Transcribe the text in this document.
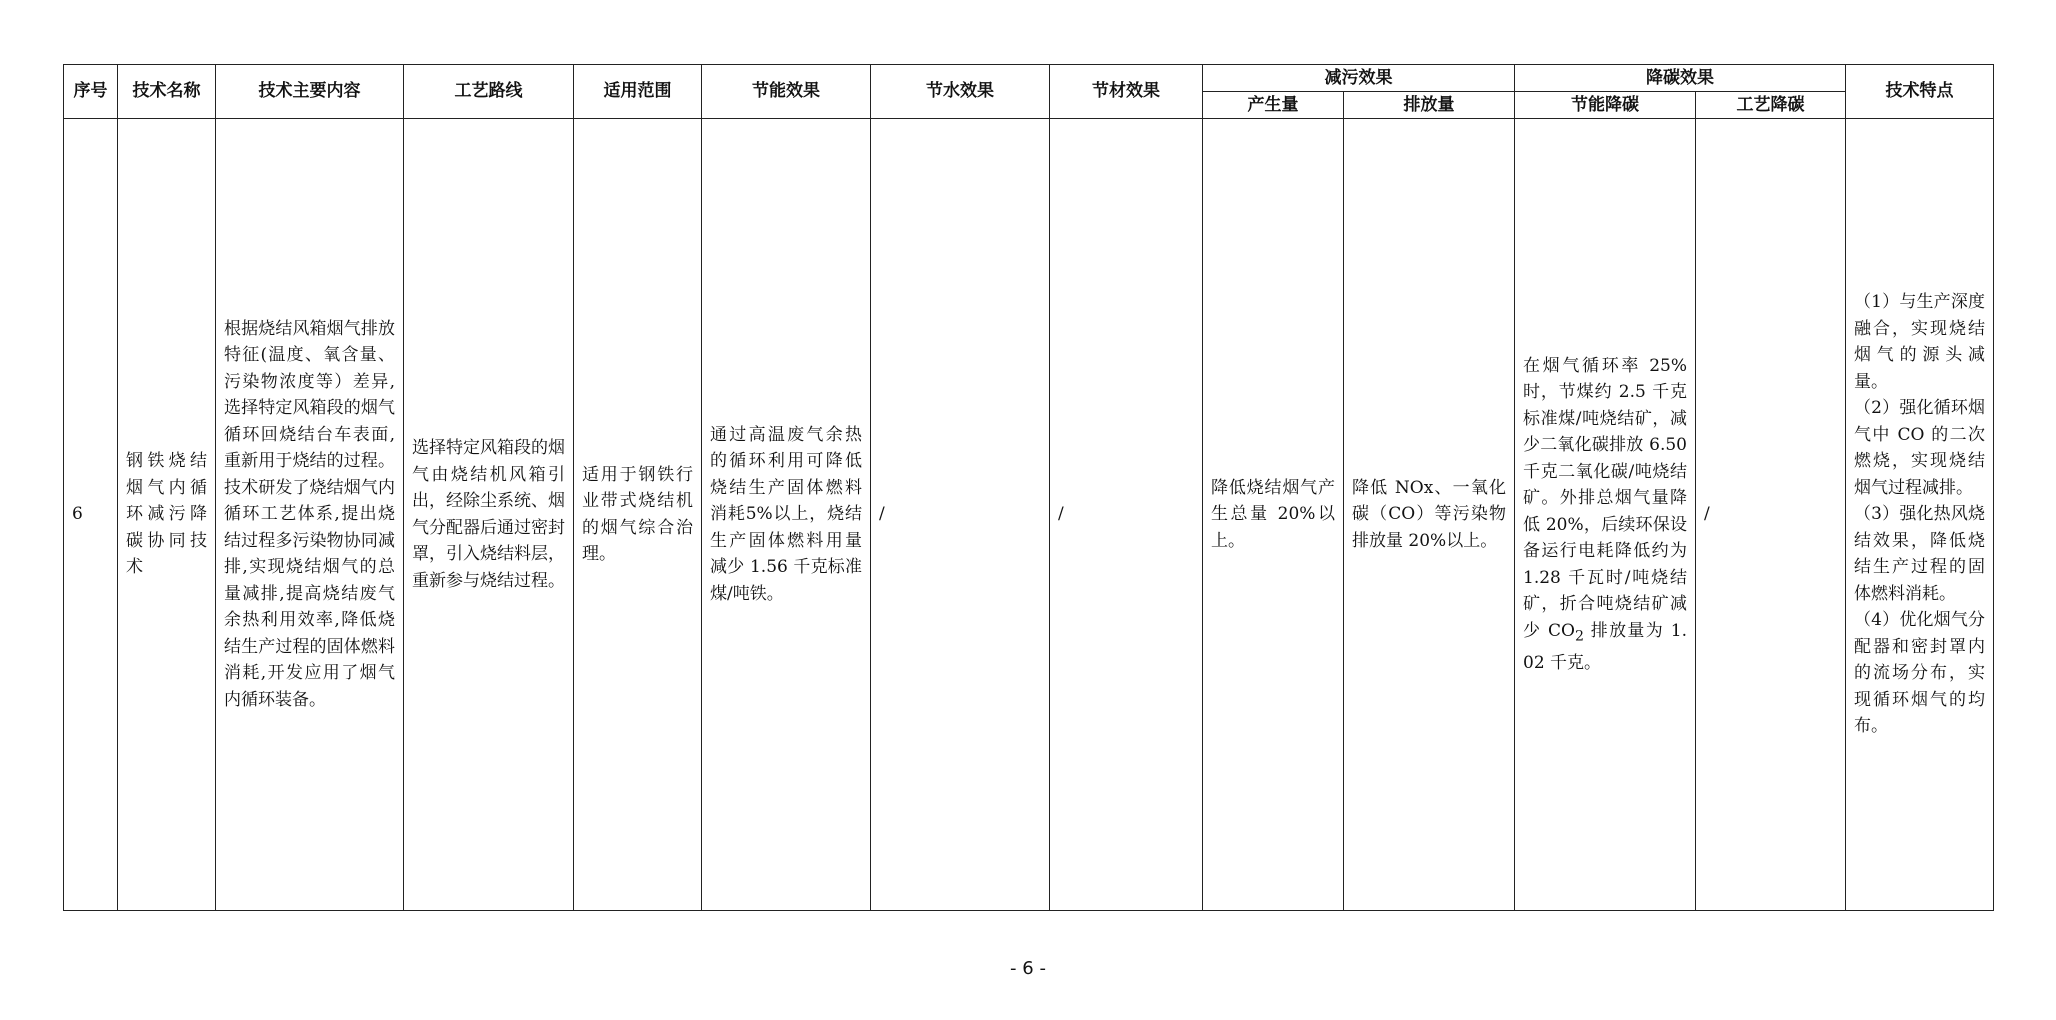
序号	技术名称	技术主要内容	工艺路线	适用范围	节能效果	节水效果	节材效果	减污效果		降碳效果		技术特点
								产生量	排放量	节能降碳	工艺降碳	

6	钢铁烧结烟气内循环减污降碳协同技术	根据烧结风箱烟气排放特征(温度、氧含量、污染物浓度等）差异,选择特定风箱段的烟气循环回烧结台车表面,重新用于烧结的过程。技术研发了烧结烟气内循环工艺体系,提出烧结过程多污染物协同减排,实现烧结烟气的总量减排,提高烧结废气余热利用效率,降低烧结生产过程的固体燃料消耗,开发应用了烟气内循环装备。	选择特定风箱段的烟气由烧结机风箱引出，经除尘系统、烟气分配器后通过密封罩，引入烧结料层，重新参与烧结过程。	适用于钢铁行业带式烧结机的烟气综合治理。	通过高温废气余热的循环利用可降低烧结生产固体燃料消耗5%以上，烧结生产固体燃料用量减少 1.56 千克标准煤/吨铁。	/	/	降低烧结烟气产生总量 20%以上。	降低 NOx、一氧化碳（CO）等污染物排放量 20%以上。	在烟气循环率 25%时，节煤约 2.5 千克标准煤/吨烧结矿，减少二氧化碳排放 6.50 千克二氧化碳/吨烧结矿。外排总烟气量降低 20%，后续环保设备运行电耗降低约为 1.28 千瓦时/吨烧结矿，折合吨烧结矿减少 $CO_2$ 排放量为 1.02 千克。	/	（1）与生产深度融合，实现烧结烟气的源头减量。
（2）强化循环烟气中 CO 的二次燃烧，实现烧结烟气过程减排。
（3）强化热风烧结效果，降低烧结生产过程的固体燃料消耗。
（4）优化烟气分配器和密封罩内的流场分布，实现循环烟气的均布。
- 6 -
